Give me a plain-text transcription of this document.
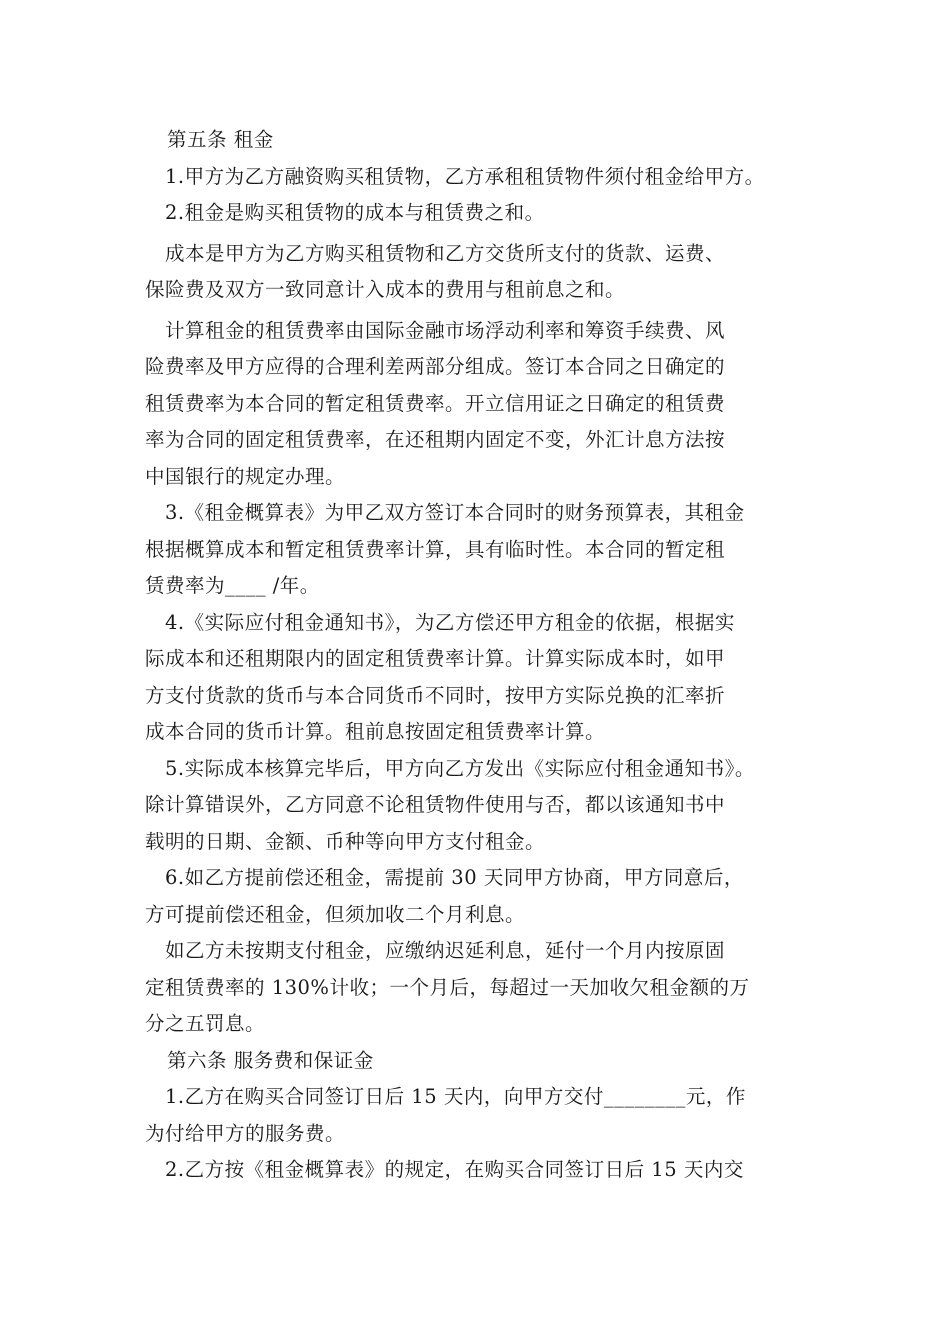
第五条 租金
1.甲方为乙方融资购买租赁物，乙方承租租赁物件须付租金给甲方。
2.租金是购买租赁物的成本与租赁费之和。
成本是甲方为乙方购买租赁物和乙方交货所支付的货款、运费、
保险费及双方一致同意计入成本的费用与租前息之和。
计算租金的租赁费率由国际金融市场浮动利率和筹资手续费、风
险费率及甲方应得的合理利差两部分组成。签订本合同之日确定的
租赁费率为本合同的暂定租赁费率。开立信用证之日确定的租赁费
率为合同的固定租赁费率，在还租期内固定不变，外汇计息方法按
中国银行的规定办理。
3.《租金概算表》为甲乙双方签订本合同时的财务预算表，其租金
根据概算成本和暂定租赁费率计算，具有临时性。本合同的暂定租
赁费率为____ /年。
4.《实际应付租金通知书》，为乙方偿还甲方租金的依据，根据实
际成本和还租期限内的固定租赁费率计算。计算实际成本时，如甲
方支付货款的货币与本合同货币不同时，按甲方实际兑换的汇率折
成本合同的货币计算。租前息按固定租赁费率计算。
5.实际成本核算完毕后，甲方向乙方发出《实际应付租金通知书》。
除计算错误外，乙方同意不论租赁物件使用与否，都以该通知书中
载明的日期、金额、币种等向甲方支付租金。
6.如乙方提前偿还租金，需提前 30 天同甲方协商，甲方同意后，
方可提前偿还租金，但须加收二个月利息。
如乙方未按期支付租金，应缴纳迟延利息，延付一个月内按原固
定租赁费率的 130%计收；一个月后，每超过一天加收欠租金额的万
分之五罚息。
第六条 服务费和保证金
1.乙方在购买合同签订日后 15 天内，向甲方交付________元，作
为付给甲方的服务费。
2.乙方按《租金概算表》的规定，在购买合同签订日后 15 天内交
